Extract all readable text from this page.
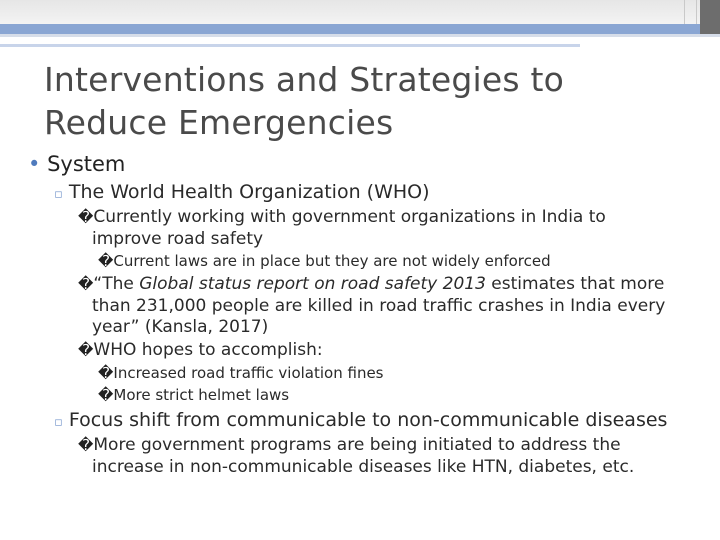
Interventions and Strategies to Reduce Emergencies
• System
▫ The World Health Organization (WHO)
�Currently working with government organizations in India to
improve road safety
�Current laws are in place but they are not widely enforced
�“The Global status report on road safety 2013 estimates that more
than 231,000 people are killed in road traffic crashes in India every
year” (Kansla, 2017)
�WHO hopes to accomplish:
�Increased road traffic violation fines
�More strict helmet laws
▫ Focus shift from communicable to non-communicable diseases
�More government programs are being initiated to address the
increase in non-communicable diseases like HTN, diabetes, etc.
